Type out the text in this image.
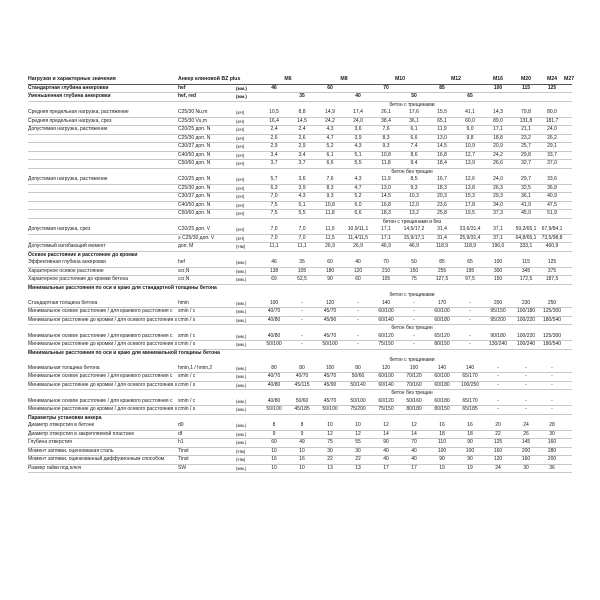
Нагрузки и характерные значения	Анкер клиновой BZ plus		M6		M8		M10		M12		M16	M20	M24	M27
Стандартная глубина анкеровки	hef	(мм.)	46		60		70		85		100	115	125	
Уменьшенная глубина анкеровки	hef, red	(мм.)		35		40		50		65				
			бетон с трещинами											
Средняя предельная нагрузка, растяжение	C25/30 Nu,m	(кН)	10,5	8,8	14,9	17,4	26,1	17,6	15,5	41,1	14,3	79,8	80,0	
Средняя предельная нагрузка, срез	C25/30 Vu,m	(кН)	16,4	14,5	24,2	24,0	38,4	36,1	65,1	60,0	89,0	131,8	181,7	
Допустимая нагрузка, растяжение	C20/25 доп. N	(кН)	2,4	2,4	4,3	3,6	7,6	6,1	11,9	9,0	17,1	21,1	24,0	
	C25/30 доп. N	(кН)	2,6	2,6	4,7	3,9	8,3	6,6	13,0	9,8	18,8	23,2	26,2	
	C30/37 доп. N	(кН)	2,9	2,9	5,2	4,3	9,3	7,4	14,5	10,9	20,9	25,7	29,1	
	C40/50 доп. N	(кН)	3,4	3,4	6,1	5,1	10,8	8,6	16,8	12,7	24,2	29,8	33,7	
	C50/60 доп. N	(кН)	3,7	3,7	6,6	5,5	11,8	9,4	18,4	13,9	26,6	32,7	37,0	
			бетон без трещин											
Допустимая нагрузка, растяжение	C20/25 доп. N	(кН)	5,7	3,6	7,6	4,3	11,9	8,5	16,7	12,6	24,0	29,7	33,6	
	C25/30 доп. N	(кН)	6,3	3,9	8,3	4,7	13,0	9,3	18,3	13,8	26,3	32,5	36,8	
	C30/37 доп. N	(кН)	7,0	4,3	9,3	5,2	14,5	10,3	20,3	15,3	29,3	36,1	40,9	
	C40/50 доп. N	(кН)	7,5	5,1	10,8	6,0	16,8	12,0	23,6	17,8	34,0	41,9	47,5	
	C50/60 доп. N	(кН)	7,5	5,5	11,8	6,6	18,3	13,2	25,8	19,5	37,3	45,9	51,9	
			бетон с трещинами и без											
Допустимая нагрузка, срез	C20/25 доп. V	(кН)	7,0	7,0	11,5	10,9/11,1	17,1	14,5/17,2	31,4	23,6/31,4	37,1	59,2/65,1	67,9/84,1	
	≥ C25/30 доп. V	(кН)	7,0	7,0	11,5	11,4/11,5	17,1	15,9/17,1	31,4	25,9/31,4	37,1	64,8/65,1	73,5/98,8	
Допустимый изгибающий момент	доп. M	(Нм)	11,1	11,1	26,9	26,9	46,9	46,9	118,9	118,9	196,0	333,1	460,9	
Осевое расстояние и расстояние до кромки														
Эффективная глубина анкеровки	hef	(мм.)	46	35	60	40	70	50	85	65	100	115	125	
Характерное осевое расстояние	scr,N	(мм.)	138	105	180	120	210	150	255	195	300	345	375	
Характерное расстояние до кромки бетона	ccr,N	(мм.)	69	52,5	90	60	105	75	127,5	97,5	150	172,5	187,5	
Минимальные расстояния по оси и краю для стандартной толщины бетона														
			бетон с трещинами											
Стандартная толщина бетона	hmin	(мм.)	100	-	120	-	140	-	170	-	200	230	250	
Минимальное осевое расстояние / для краевого расстояния с	smin / c	(мм.)	40/70	-	45/70	-	60/100	-	60/100	-	95/150	100/180	125/300	
Минимальное расстояние до кромки / для осевого расстояния s	cmin / s	(мм.)	40/80	-	45/90	-	60/140	-	60/180	-	95/200	100/220	180/540	
			бетон без трещин											
Минимальное осевое расстояние / для краевого расстояния с	smin / c	(мм.)	40/80	-	45/70	-	60/120	-	65/120	-	90/180	100/220	125/300	
Минимальное расстояние до кромки / для осевого расстояния s	cmin / s	(мм.)	50/100	-	50/100	-	75/150	-	80/150	-	130/240	100/240	180/540	
Минимальные расстояния по оси и краю для минимальной толщины бетона														
			бетон с трещинами											
Минимальная толщина бетона	hmin,1 / hmin,2	(мм.)	80	80	100	80	120	100	140	140	-	-	-	
Минимальное осевое расстояние / для краевого расстояния с	smin / c	(мм.)	40/70	40/70	45/70	50/60	60/100	70/120	60/100	65/170	-	-	-	
Минимальное расстояние до кромки / для осевого расстояния s	cmin / s	(мм.)	40/80	45/115	45/90	50/140	60/140	70/160	60/180	100/250	-	-	-	
			бетон без трещин											
Минимальное осевое расстояние / для краевого расстояния с	smin / c	(мм.)	40/80	50/60	45/70	50/100	60/120	50/160	60/180	65/170	-	-	-	
Минимальное расстояние до кромки / для осевого расстояния s	cmin / s	(мм.)	50/100	45/185	50/100	75/200	75/150	80/180	80/150	65/185	-	-	-	
Параметры установки анкера														
Диаметр отверстия в бетоне	d0	(мм.)	8	8	10	10	12	12	16	16	20	24	28	
Диаметр отверстия в закрепляемой пластине	df	(мм.)	9	9	12	12	14	14	18	18	22	26	30	
Глубина отверстия	h1	(мм.)	60	49	75	55	90	70	110	90	125	145	160	
Момент затяжки, оценнованая сталь	Tinst	(Нм)	10	10	30	30	40	40	100	100	160	200	280	
Момент затяжки, оцинкованный диффузионным способом	Tinst	(Нм)	16	16	22	22	40	40	90	90	120	160	200	
Размер гайки под ключ	SW	(мм.)	10	10	13	13	17	17	19	19	24	30	36	
